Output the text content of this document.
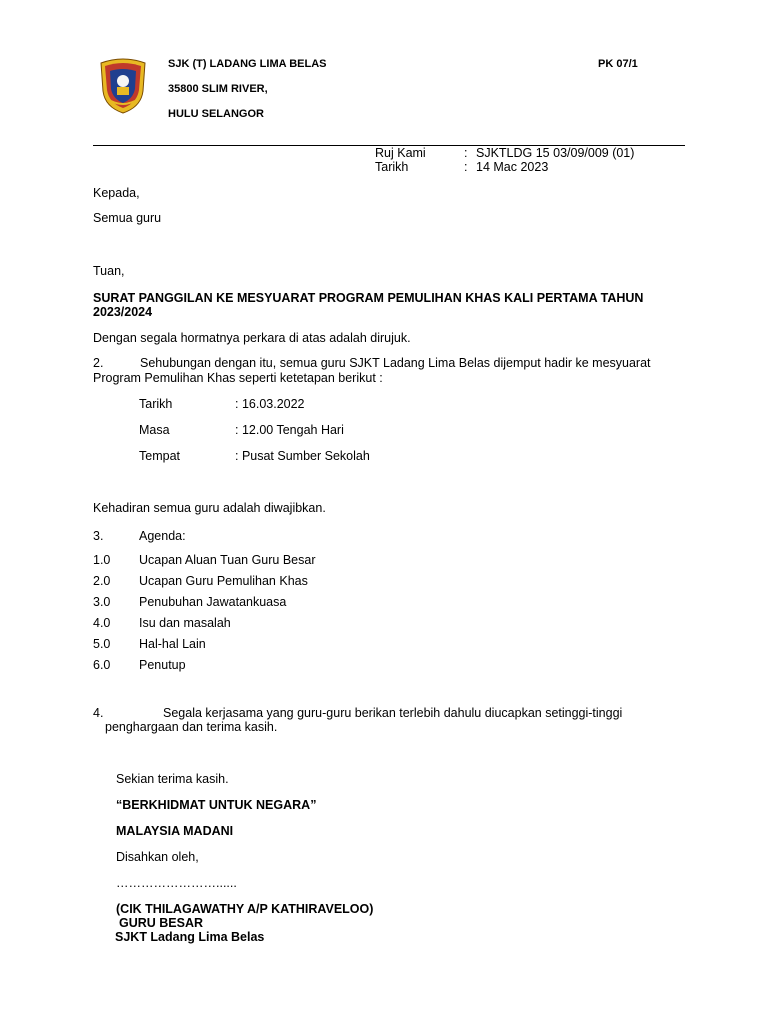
SJK (T) LADANG LIMA BELAS
35800 SLIM RIVER,
HULU SELANGOR
PK 07/1
Ruj Kami	: SJKTLDG 15 03/09/009 (01)
Tarikh	: 14 Mac 2023
Kepada,
Semua guru
Tuan,
SURAT PANGGILAN KE MESYUARAT PROGRAM PEMULIHAN KHAS KALI PERTAMA TAHUN
2023/2024
Dengan segala hormatnya perkara di atas adalah dirujuk.
2.	Sehubungan dengan itu, semua guru SJKT Ladang Lima Belas dijemput hadir ke mesyuarat
Program Pemulihan Khas seperti ketetapan berikut :
Tarikh	: 16.03.2022
Masa	: 12.00 Tengah Hari
Tempat	: Pusat Sumber Sekolah
Kehadiran semua guru adalah diwajibkan.
3.	Agenda:
1.0 Ucapan Aluan Tuan Guru Besar
2.0 Ucapan Guru Pemulihan Khas
3.0 Penubuhan Jawatankuasa
4.0 Isu dan masalah
5.0 Hal-hal Lain
6.0 Penutup
4.	Segala kerjasama yang guru-guru berikan terlebih dahulu diucapkan setinggi-tinggi
penghargaan dan terima kasih.
Sekian terima kasih.
“BERKHIDMAT UNTUK NEGARA”
MALAYSIA MADANI
Disahkan oleh,
……………………......
(CIK THILAGAWATHY A/P KATHIRAVELOO)
GURU BESAR
SJKT Ladang Lima Belas
